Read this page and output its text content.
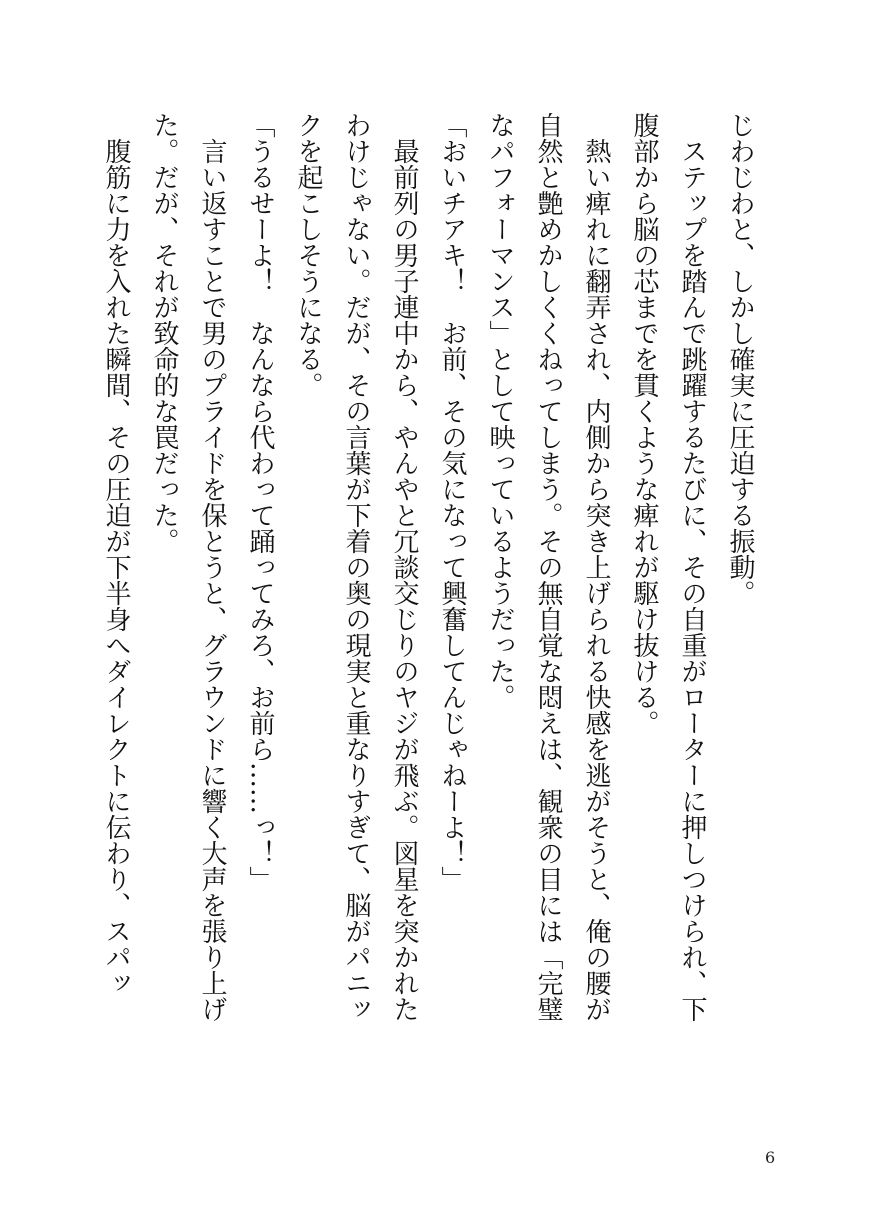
じわじわと、しかし確実に圧迫する振動。

ステップを踏んで跳躍するたびに、その自重がローターに押しつけられ、下腹部から脳の芯までを貫くような痺れが駆け抜ける。

熱い痺れに翻弄され、内側から突き上げられる快感を逃がそうと、俺の腰が自然と艶めかしくくねってしまう。その無自覚な悶えは、観衆の目には「完璧なパフォーマンス」として映っているようだった。

「おいチアキ！　お前、その気になって興奮してんじゃねーよ！」

最前列の男子連中から、やんやと冗談交じりのヤジが飛ぶ。図星を突かれたわけじゃない。だが、その言葉が下着の奥の現実と重なりすぎて、脳がパニックを起こしそうになる。

「うるせーよ！　なんなら代わって踊ってみろ、お前ら……っ！」

言い返すことで男のプライドを保とうと、グラウンドに響く大声を張り上げた。だが、それが致命的な罠だった。

腹筋に力を入れた瞬間、その圧迫が下半身へダイレクトに伝わり、スパッ

6
